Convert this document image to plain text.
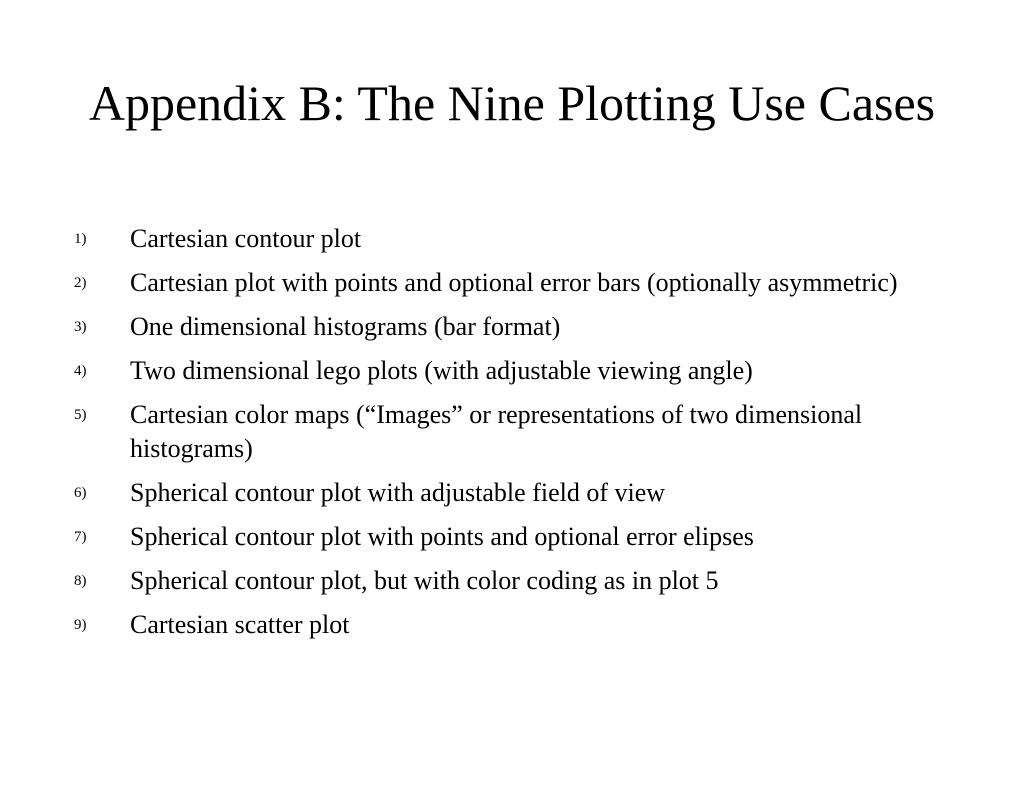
Appendix B: The Nine Plotting Use Cases
1)	Cartesian contour plot
2)	Cartesian plot with points and optional error bars (optionally asymmetric)
3)	One dimensional histograms (bar format)
4)	Two dimensional lego plots (with adjustable viewing angle)
5)	Cartesian color maps (“Images” or representations of two dimensional histograms)
6)	Spherical contour plot with adjustable field of view
7)	Spherical contour plot with points and optional error elipses
8)	Spherical contour plot, but with color coding as in plot 5
9)	Cartesian scatter plot
